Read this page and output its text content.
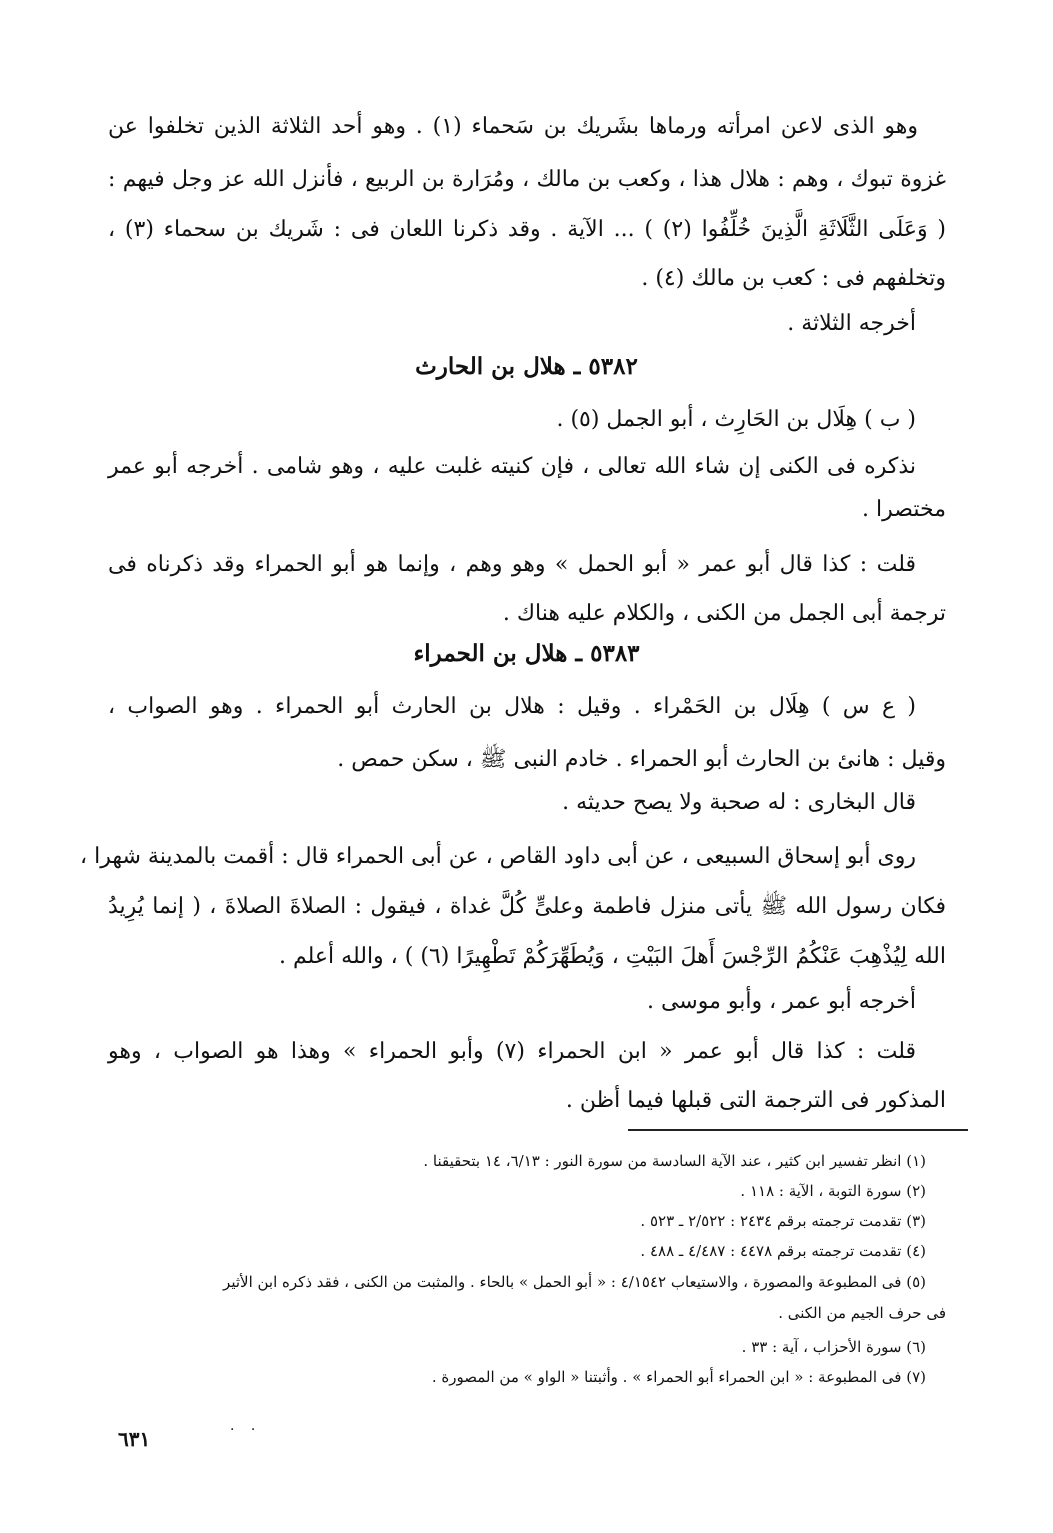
وهو الذى لاعن امرأته ورماها بشَريك بن سَحماء (١) . وهو أحد الثلاثة الذين تخلفوا عن
غزوة تبوك ، وهم : هلال هذا ، وكعب بن مالك ، ومُرَارة بن الربيع ، فأنزل الله عز وجل فيهم :
( وَعَلَى الثَّلَاثَةِ الَّذِينَ خُلِّفُوا (٢) ) ... الآية . وقد ذكرنا اللعان فى : شَريك بن سحماء (٣) ،
وتخلفهم فى : كعب بن مالك (٤) .
أخرجه الثلاثة .
٥٣٨٢ ـ هلال بن الحارث
( ب ) هِلَال بن الحَارِث ، أبو الجمل (٥) .
نذكره فى الكنى إن شاء الله تعالى ، فإن كنيته غلبت عليه ، وهو شامى . أخرجه أبو عمر
مختصرا .
قلت : كذا قال أبو عمر « أبو الحمل » وهو وهم ، وإنما هو أبو الحمراء وقد ذكرناه فى
ترجمة أبى الجمل من الكنى ، والكلام عليه هناك .
٥٣٨٣ ـ هلال بن الحمراء
( ع س ) هِلَال بن الحَمْراء . وقيل : هلال بن الحارث أبو الحمراء . وهو الصواب ،
وقيل : هانئ بن الحارث أبو الحمراء . خادم النبى ﷺ ، سكن حمص .
قال البخارى : له صحبة ولا يصح حديثه .
روى أبو إسحاق السبيعى ، عن أبى داود القاص ، عن أبى الحمراء قال : أقمت بالمدينة شهرا ،
فكان رسول الله ﷺ يأتى منزل فاطمة وعلىٍّ كُلَّ غداة ، فيقول : الصلاةَ الصلاةَ ، ( إنما يُرِيدُ
الله لِيُذْهِبَ عَنْكُمُ الرِّجْسَ أَهلَ البَيْتِ ، وَيُطَهِّرَكُمْ تَطْهِيرًا (٦) ) ، والله أعلم .
أخرجه أبو عمر ، وأبو موسى .
قلت : كذا قال أبو عمر « ابن الحمراء (٧) وأبو الحمراء » وهذا هو الصواب ، وهو
المذكور فى الترجمة التى قبلها فيما أظن .
(١) انظر تفسير ابن كثير ، عند الآية السادسة من سورة النور : ٦/١٣، ١٤ بتحقيقنا .
(٢) سورة التوبة ، الآية : ١١٨ .
(٣) تقدمت ترجمته برقم ٢٤٣٤ : ٢/٥٢٢ ـ ٥٢٣ .
(٤) تقدمت ترجمته برقم ٤٤٧٨ : ٤/٤٨٧ ـ ٤٨٨ .
(٥) فى المطبوعة والمصورة ، والاستيعاب ٤/١٥٤٢ : « أبو الحمل » بالحاء . والمثبت من الكنى ، فقد ذكره ابن الأثير
فى حرف الجيم من الكنى .
(٦) سورة الأحزاب ، آية : ٣٣ .
(٧) فى المطبوعة : « ابن الحمراء أبو الحمراء » . وأثبتنا « الواو » من المصورة .
٦٣١	· ·
